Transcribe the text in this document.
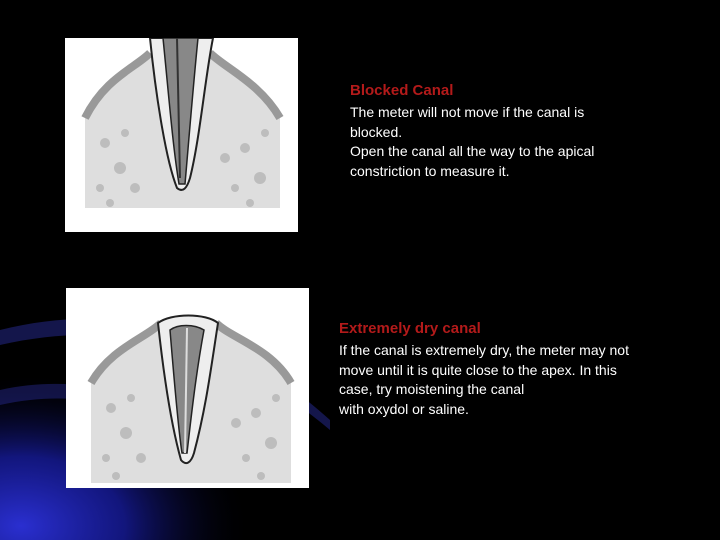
Blocked Canal
The meter will not move if the canal is
blocked.
Open the canal all the way to the apical
constriction to measure it.
Extremely dry canal
If the canal is extremely dry, the meter may not
move until it is quite close to the apex. In this
case, try moistening the canal
with oxydol or saline.
